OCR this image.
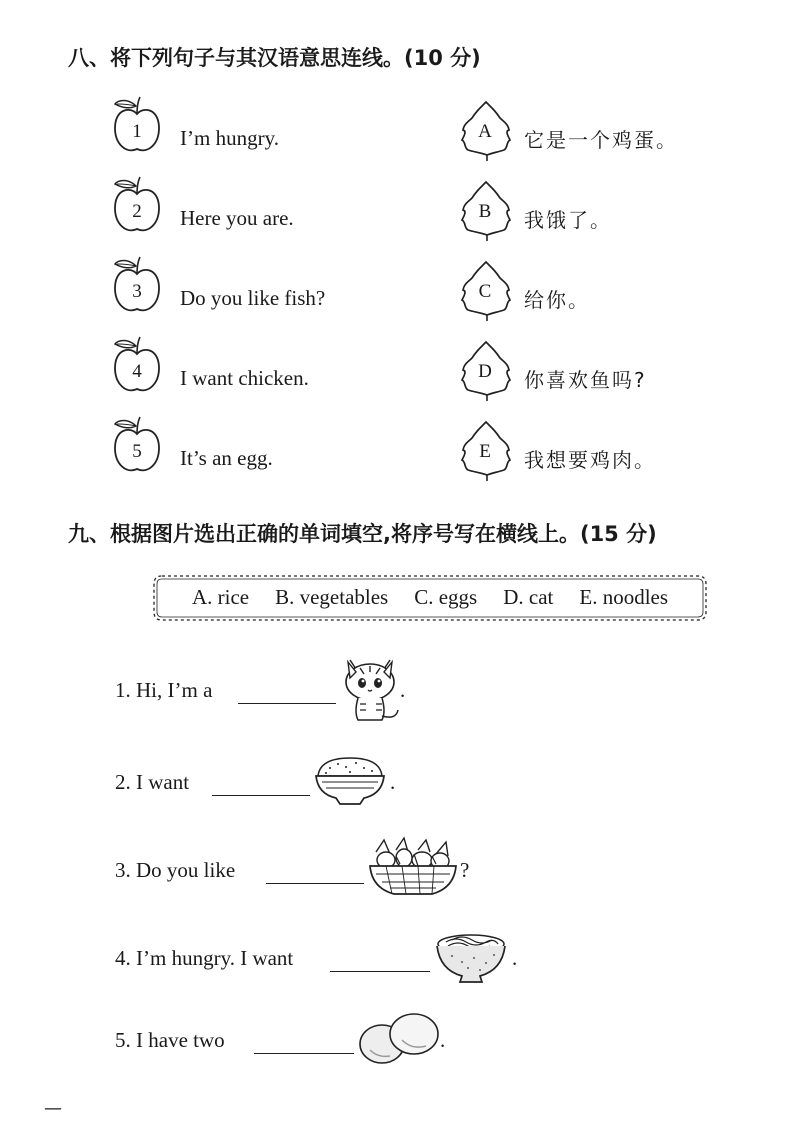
八、将下列句子与其汉语意思连线。(10 分)
1	I’m hungry.
2	Here you are.
3	Do you like fish?
4	I want chicken.
5	It’s an egg.
A	它是一个鸡蛋。
B	我饿了。
C	给你。
D	你喜欢鱼吗?
E	我想要鸡肉。
九、根据图片选出正确的单词填空,将序号写在横线上。(15 分)
A. rice B. vegetables C. eggs D. cat E. noodles
1. Hi, I’m a	.
2. I want	.
3. Do you like	?
4. I’m hungry. I want	.
5. I have two	.
—
